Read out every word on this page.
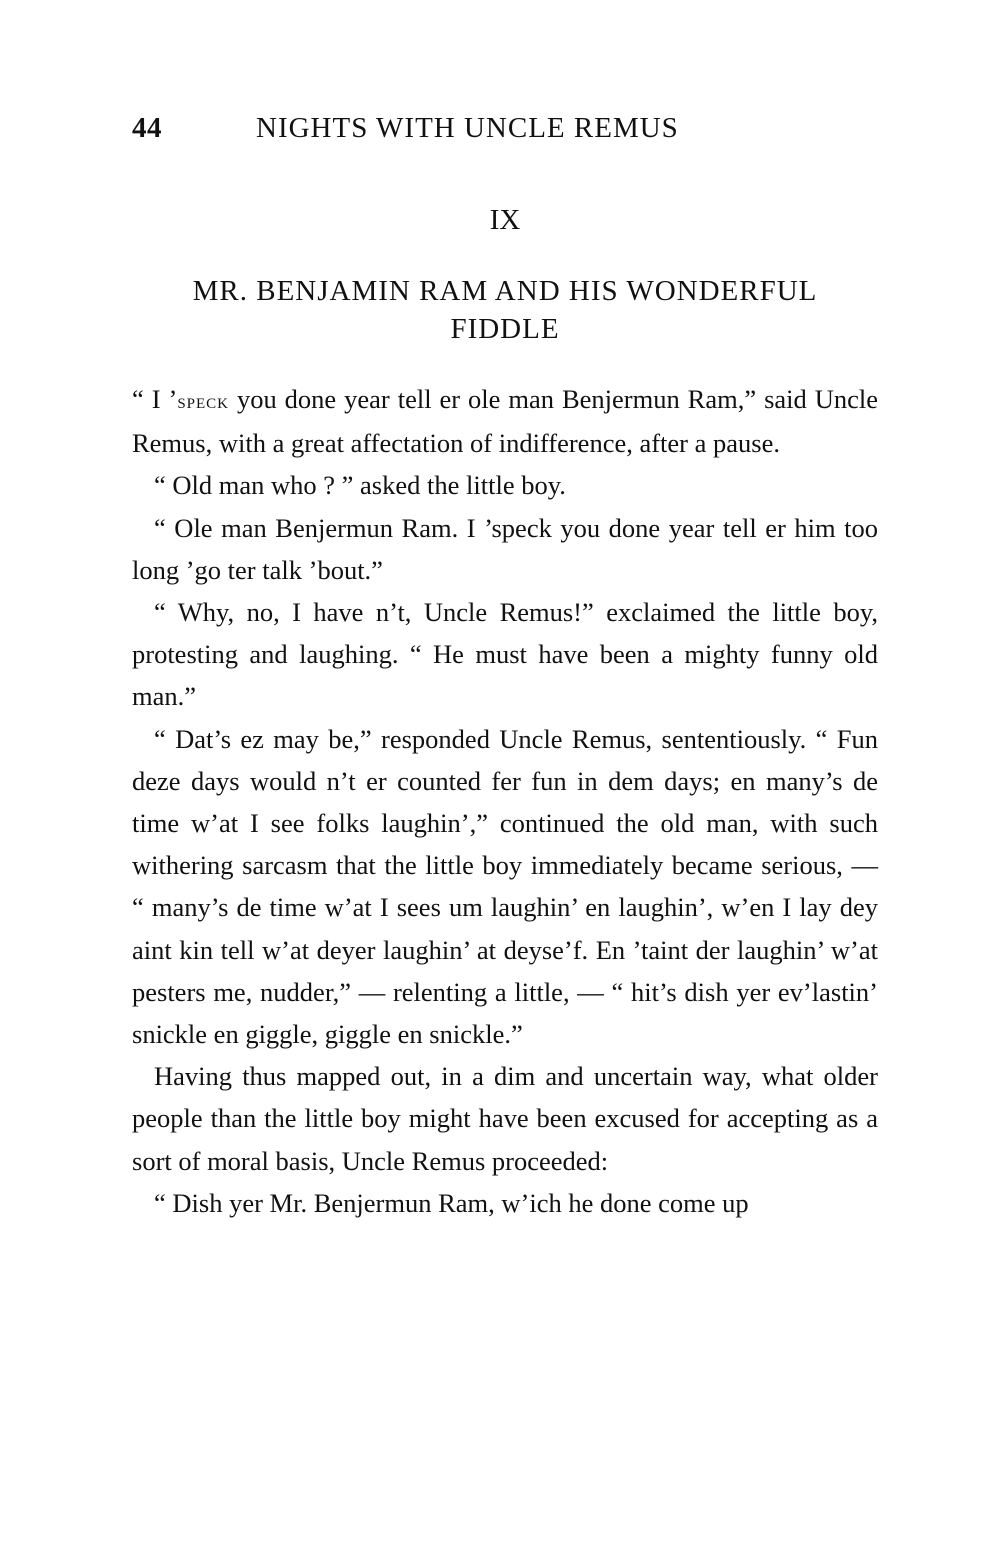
44	NIGHTS WITH UNCLE REMUS
IX
MR. BENJAMIN RAM AND HIS WONDERFUL
FIDDLE

“ I ’speck you done year tell er ole man Benjermun Ram,” said Uncle Remus, with a great affectation of indifference, after a pause.

“ Old man who ? ” asked the little boy.

“ Ole man Benjermun Ram. I ’speck you done year tell er him too long ’go ter talk ’bout.”

“ Why, no, I have n’t, Uncle Remus!” exclaimed the little boy, protesting and laughing. “ He must have been a mighty funny old man.”

“ Dat’s ez may be,” responded Uncle Remus, sententiously. “ Fun deze days would n’t er counted fer fun in dem days; en many’s de time w’at I see folks laughin’,” continued the old man, with such withering sarcasm that the little boy immediately became serious, — “ many’s de time w’at I sees um laughin’ en laughin’, w’en I lay dey aint kin tell w’at deyer laughin’ at deyse’f. En ’taint der laughin’ w’at pesters me, nudder,” — relenting a little, — “ hit’s dish yer ev’lastin’ snickle en giggle, giggle en snickle.”

Having thus mapped out, in a dim and uncertain way, what older people than the little boy might have been excused for accepting as a sort of moral basis, Uncle Remus proceeded:

“ Dish yer Mr. Benjermun Ram, w’ich he done come up
